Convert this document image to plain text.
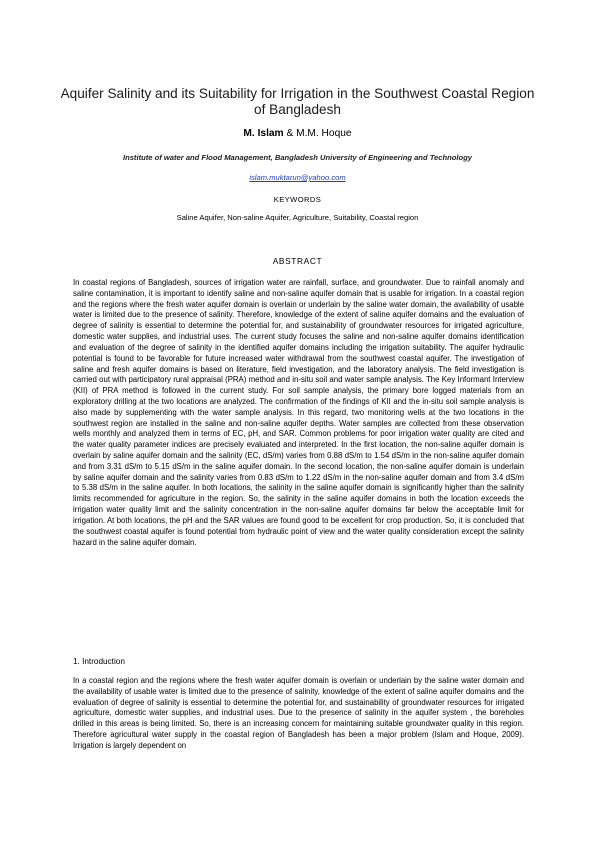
Aquifer Salinity and its Suitability for Irrigation in the Southwest Coastal Region of Bangladesh
M. Islam & M.M. Hoque
Institute of water and Flood Management, Bangladesh University of Engineering and Technology
islam.muktarun@yahoo.com
KEYWORDS
Saline Aquifer, Non-saline Aquifer, Agriculture, Suitability, Coastal region
ABSTRACT

In coastal regions of Bangladesh, sources of irrigation water are rainfall, surface, and groundwater. Due to rainfall anomaly and saline contamination, it is important to identify saline and non-saline aquifer domain that is usable for irrigation. In a coastal region and the regions where the fresh water aquifer domain is overlain or underlain by the saline water domain, the availability of usable water is limited due to the presence of salinity. Therefore, knowledge of the extent of saline aquifer domains and the evaluation of degree of salinity is essential to determine the potential for, and sustainability of groundwater resources for irrigated agriculture, domestic water supplies, and industrial uses. The current study focuses the saline and non-saline aquifer domains identification and evaluation of the degree of salinity in the identified aquifer domains including the irrigation suitability. The aquifer hydraulic potential is found to be favorable for future increased water withdrawal from the southwest coastal aquifer. The investigation of saline and fresh aquifer domains is based on literature, field investigation, and the laboratory analysis. The field investigation is carried out with participatory rural appraisal (PRA) method and in-situ soil and water sample analysis. The Key Informant Interview (KII) of PRA method is followed in the current study. For soil sample analysis, the primary bore logged materials from an exploratory drilling at the two locations are analyzed. The confirmation of the findings of KII and the in-situ soil sample analysis is also made by supplementing with the water sample analysis. In this regard, two monitoring wells at the two locations in the southwest region are installed in the saline and non-saline aquifer depths. Water samples are collected from these observation wells monthly and analyzed them in terms of EC, pH, and SAR. Common problems for poor irrigation water quality are cited and the water quality parameter indices are precisely evaluated and interpreted. In the first location, the non-saline aquifer domain is overlain by saline aquifer domain and the salinity (EC, dS/m) varies from 0.88 dS/m to 1.54 dS/m in the non-saline aquifer domain and from 3.31 dS/m to 5.15 dS/m in the saline aquifer domain. In the second location, the non-saline aquifer domain is underlain by saline aquifer domain and the salinity varies from 0.83 dS/m to 1.22 dS/m in the non-saline aquifer domain and from 3.4 dS/m to 5.38 dS/m in the saline aquifer. In both locations, the salinity in the saline aquifer domain is significantly higher than the salinity limits recommended for agriculture in the region. So, the salinity in the saline aquifer domains in both the location exceeds the irrigation water quality limit and the salinity concentration in the non-saline aquifer domains far below the acceptable limit for irrigation. At both locations, the pH and the SAR values are found good to be excellent for crop production. So, it is concluded that the southwest coastal aquifer is found potential from hydraulic point of view and the water quality consideration except the salinity hazard in the saline aquifer domain.

1. Introduction

In a coastal region and the regions where the fresh water aquifer domain is overlain or underlain by the saline water domain and the availability of usable water is limited due to the presence of salinity, knowledge of the extent of saline aquifer domains and the evaluation of degree of salinity is essential to determine the potential for, and sustainability of groundwater resources for irrigated agriculture, domestic water supplies, and industrial uses. Due to the presence of salinity in the aquifer system , the boreholes drilled in this areas is being limited. So, there is an increasing concern for maintaining suitable groundwater quality in this region. Therefore agricultural water supply in the coastal region of Bangladesh has been a major problem (Islam and Hoque, 2009). Irrigation is largely dependent on
